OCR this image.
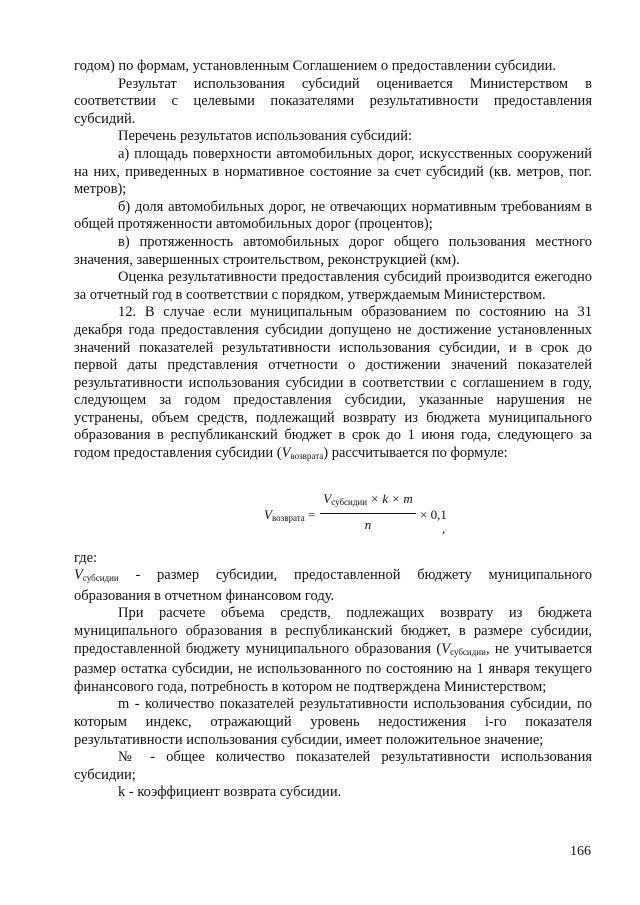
годом) по формам, установленным Соглашением о предоставлении субсидии.

Результат использования субсидий оценивается Министерством в соответствии с целевыми показателями результативности предоставления субсидий.

Перечень результатов использования субсидий:

а) площадь поверхности автомобильных дорог, искусственных сооружений на них, приведенных в нормативное состояние за счет субсидий (кв. метров, пог. метров);

б) доля автомобильных дорог, не отвечающих нормативным требованиям в общей протяженности автомобильных дорог (процентов);

в) протяженность автомобильных дорог общего пользования местного значения, завершенных строительством, реконструкцией (км).

Оценка результативности предоставления субсидий производится ежегодно за отчетный год в соответствии с порядком, утверждаемым Министерством.

12. В случае если муниципальным образованием по состоянию на 31 декабря года предоставления субсидии допущено не достижение установленных значений показателей результативности использования субсидии, и в срок до первой даты представления отчетности о достижении значений показателей результативности использования субсидии в соответствии с соглашением в году, следующем за годом предоставления субсидии, указанные нарушения не устранены, объем средств, подлежащий возврату из бюджета муниципального образования в республиканский бюджет в срок до 1 июня года, следующего за годом предоставления субсидии $(V_{возврата})$ рассчитывается по формуле:

$V_{возврата}$ =
$V_{субсидии} \times k \times m$
n
× 0,1
,

где:

$V_{субсидии}$ - размер субсидии, предоставленной бюджету муниципального образования в отчетном финансовом году.

При расчете объема средств, подлежащих возврату из бюджета муниципального образования в республиканский бюджет, в размере субсидии, предоставленной бюджету муниципального образования ($V_{субсидии}$, не учитывается размер остатка субсидии, не использованного по состоянию на 1 января текущего финансового года, потребность в котором не подтверждена Министерством;

m - количество показателей результативности использования субсидии, по которым индекс, отражающий уровень недостижения i-го показателя результативности использования субсидии, имеет положительное значение;

№ - общее количество показателей результативности использования субсидии;

k - коэффициент возврата субсидии.

166
